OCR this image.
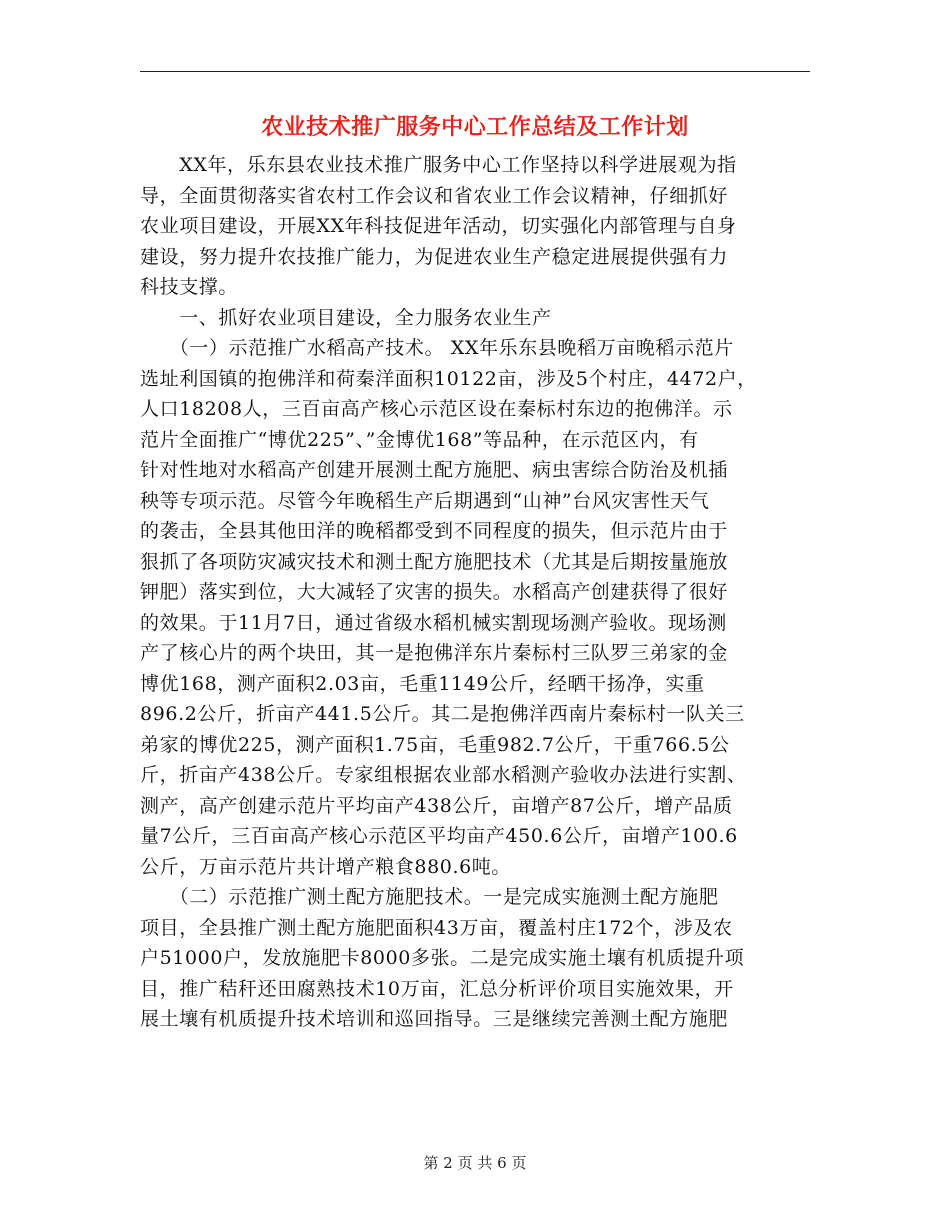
农业技术推广服务中心工作总结及工作计划
　　XX年，乐东县农业技术推广服务中心工作坚持以科学进展观为指
导，全面贯彻落实省农村工作会议和省农业工作会议精神，仔细抓好
农业项目建设，开展XX年科技促进年活动，切实强化内部管理与自身
建设，努力提升农技推广能力，为促进农业生产稳定进展提供强有力
科技支撑。
　　一、抓好农业项目建设，全力服务农业生产
　　（一）示范推广水稻高产技术。 XX年乐东县晚稻万亩晚稻示范片
选址利国镇的抱佛洋和荷秦洋面积10122亩，涉及5个村庄，4472户，
人口18208人，三百亩高产核心示范区设在秦标村东边的抱佛洋。示
范片全面推广“博优225”、”金博优168”等品种，在示范区内，有
针对性地对水稻高产创建开展测土配方施肥、病虫害综合防治及机插
秧等专项示范。尽管今年晚稻生产后期遇到“山神”台风灾害性天气
的袭击，全县其他田洋的晚稻都受到不同程度的损失，但示范片由于
狠抓了各项防灾减灾技术和测土配方施肥技术（尤其是后期按量施放
钾肥）落实到位，大大减轻了灾害的损失。水稻高产创建获得了很好
的效果。于11月7日，通过省级水稻机械实割现场测产验收。现场测
产了核心片的两个块田，其一是抱佛洋东片秦标村三队罗三弟家的金
博优168，测产面积2.03亩，毛重1149公斤，经晒干扬净，实重
896.2公斤，折亩产441.5公斤。其二是抱佛洋西南片秦标村一队关三
弟家的博优225，测产面积1.75亩，毛重982.7公斤，干重766.5公
斤，折亩产438公斤。专家组根据农业部水稻测产验收办法进行实割、
测产，高产创建示范片平均亩产438公斤，亩增产87公斤，增产品质
量7公斤，三百亩高产核心示范区平均亩产450.6公斤，亩增产100.6
公斤，万亩示范片共计增产粮食880.6吨。
　　（二）示范推广测土配方施肥技术。一是完成实施测土配方施肥
项目，全县推广测土配方施肥面积43万亩，覆盖村庄172个，涉及农
户51000户，发放施肥卡8000多张。二是完成实施土壤有机质提升项
目，推广秸秆还田腐熟技术10万亩，汇总分析评价项目实施效果，开
展土壤有机质提升技术培训和巡回指导。三是继续完善测土配方施肥
第 2 页 共 6 页
